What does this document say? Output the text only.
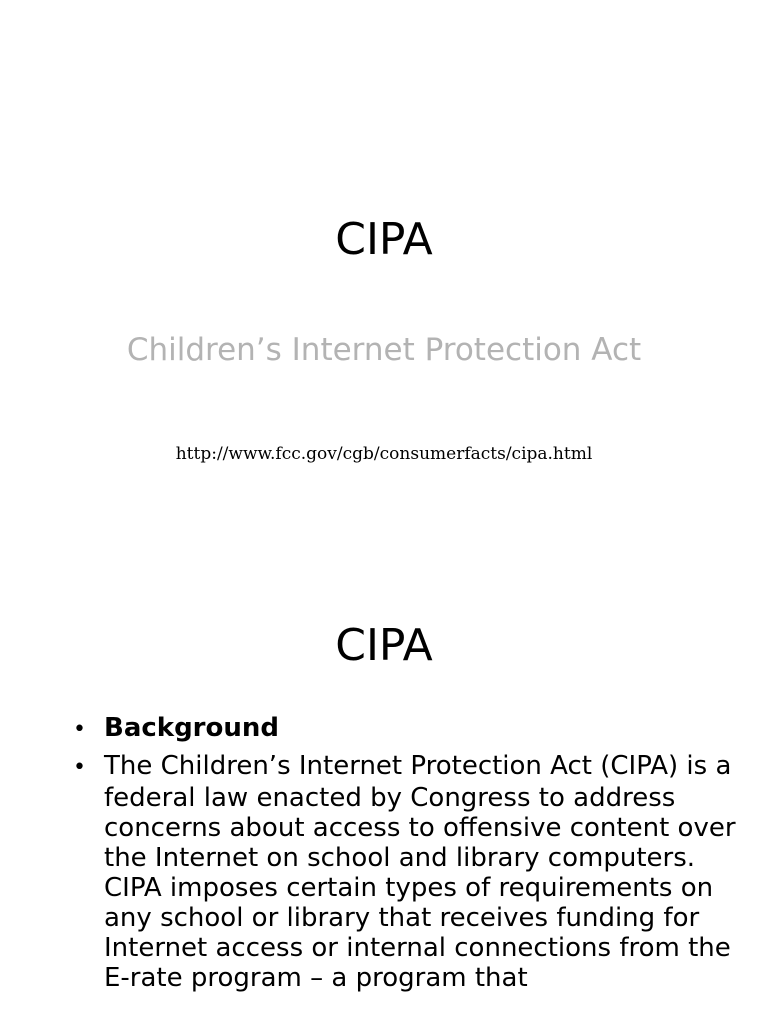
CIPA
Children’s Internet Protection Act
http://www.fcc.gov/cgb/consumerfacts/cipa.html
CIPA
• Background
• The Children’s Internet Protection Act (CIPA) is a federal law enacted by Congress to address concerns about access to offensive content over the Internet on school and library computers. CIPA imposes certain types of requirements on any school or library that receives funding for Internet access or internal connections from the E-rate program – a program that
